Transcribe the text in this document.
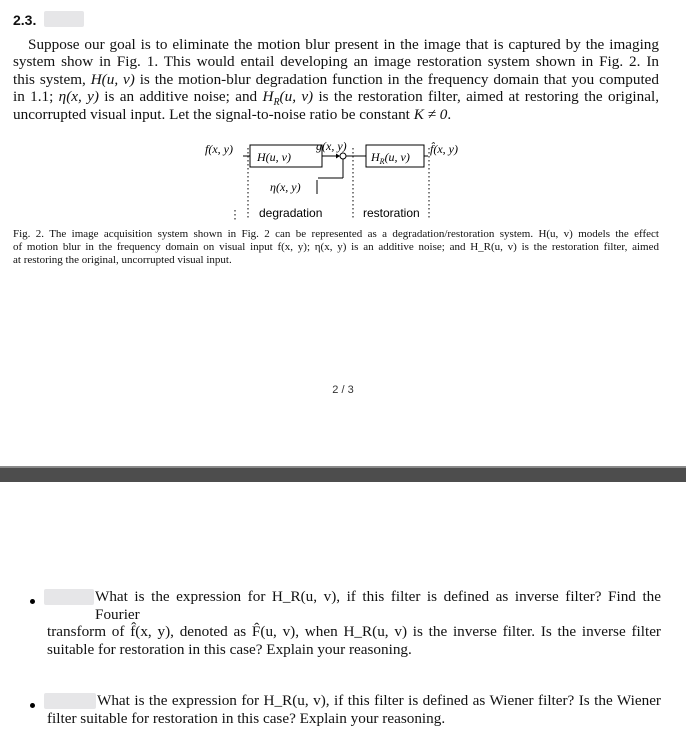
2.3.
Suppose our goal is to eliminate the motion blur present in the image that is captured by the imaging
system show in Fig. 1. This would entail developing an image restoration system shown in Fig. 2. In
this system, H(u, v) is the motion-blur degradation function in the frequency domain that you computed
in 1.1; η(x, y) is an additive noise; and $H_R(u$, v) is the restoration filter, aimed at restoring the original,
uncorrupted visual input. Let the signal-to-noise ratio be constant K ≠ 0.
f(x, y)
H(u, v)
η(x, y)
g(x, y)
$H_R(u$, v)
f̂(x, y)
degradation	restoration
Fig. 2. The image acquisition system shown in Fig. 2 can be represented as a degradation/restoration system. H(u, v) models the effect
of motion blur in the frequency domain on visual input f(x, y); η(x, y) is an additive noise; and H_R(u, v) is the restoration filter, aimed
at restoring the original, uncorrupted visual input.
2 / 3
What is the expression for H_R(u, v), if this filter is defined as inverse filter? Find the Fourier
transform of f̂(x, y), denoted as F̂(u, v), when H_R(u, v) is the inverse filter. Is the inverse filter
suitable for restoration in this case? Explain your reasoning.
What is the expression for H_R(u, v), if this filter is defined as Wiener filter? Is the Wiener
filter suitable for restoration in this case? Explain your reasoning.
